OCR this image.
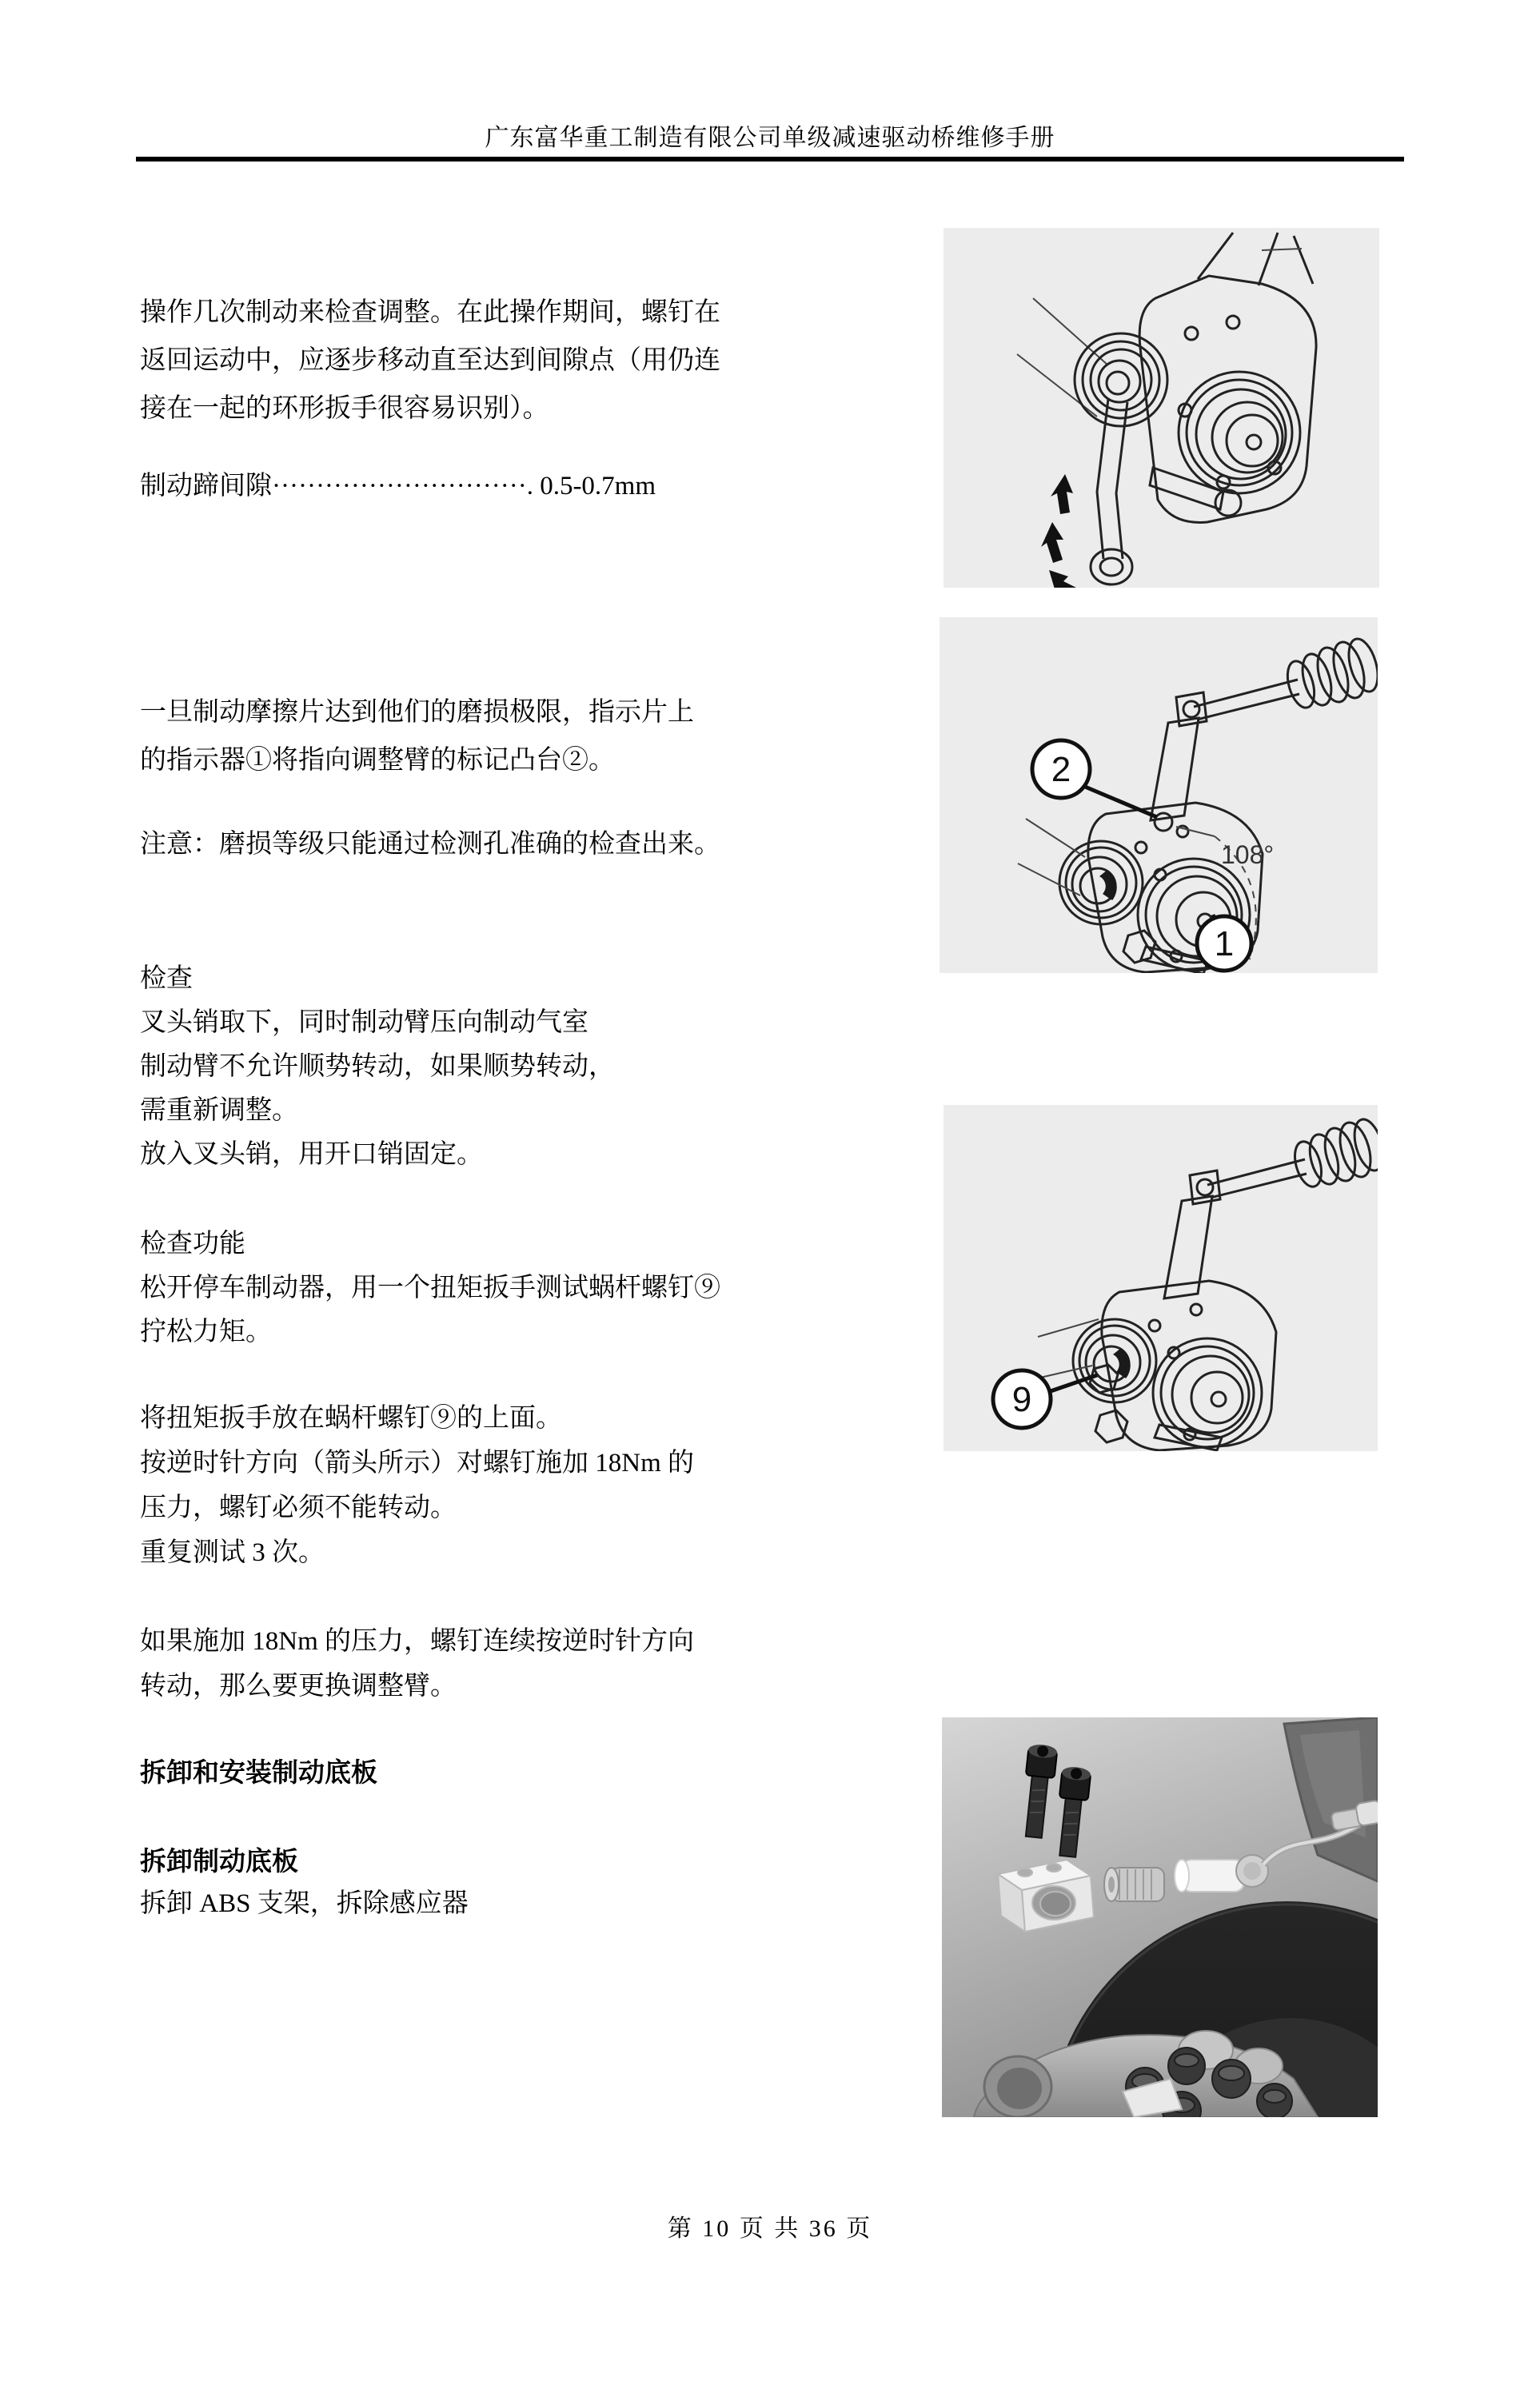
广东富华重工制造有限公司单级减速驱动桥维修手册
操作几次制动来检查调整。在此操作期间，螺钉在
返回运动中，应逐步移动直至达到间隙点（用仍连
接在一起的环形扳手很容易识别）。
制动蹄间隙·····························. 0.5-0.7mm
一旦制动摩擦片达到他们的磨损极限，指示片上
的指示器①将指向调整臂的标记凸台②。
注意：磨损等级只能通过检测孔准确的检查出来。
检查
叉头销取下，同时制动臂压向制动气室
制动臂不允许顺势转动，如果顺势转动，
需重新调整。
放入叉头销，用开口销固定。
检查功能
松开停车制动器，用一个扭矩扳手测试蜗杆螺钉⑨
拧松力矩。
将扭矩扳手放在蜗杆螺钉⑨的上面。
按逆时针方向（箭头所示）对螺钉施加 18Nm 的
压力，螺钉必须不能转动。
重复测试 3 次。
如果施加 18Nm 的压力，螺钉连续按逆时针方向
转动，那么要更换调整臂。
拆卸和安装制动底板
拆卸制动底板
拆卸 ABS 支架，拆除感应器
2
108°
1
9
第 10 页 共 36 页
